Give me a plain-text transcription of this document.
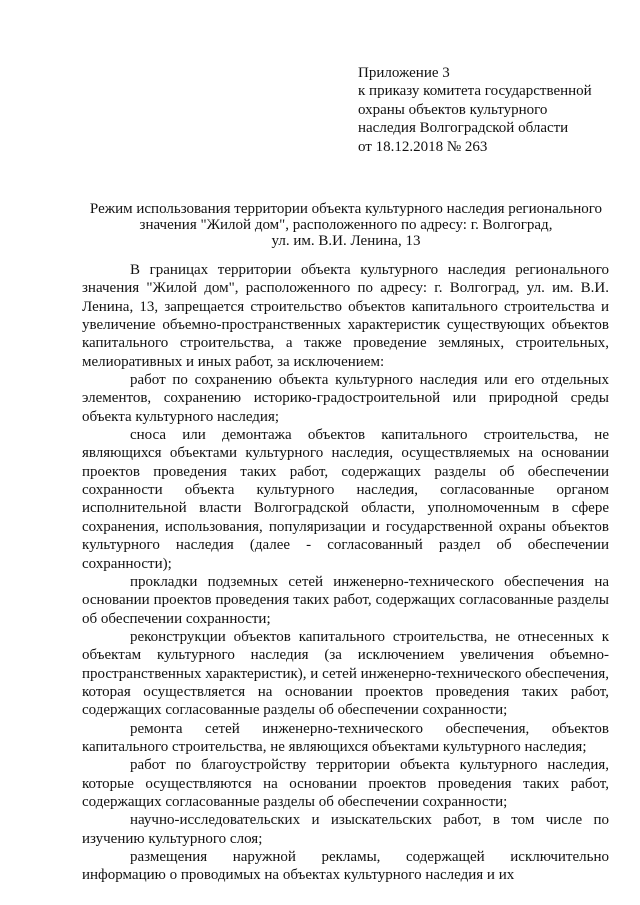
Приложение 3
к приказу комитета государственной
охраны объектов культурного
наследия Волгоградской области
от 18.12.2018 № 263
Режим использования территории объекта культурного наследия регионального
значения "Жилой дом", расположенного по адресу: г. Волгоград,
ул. им. В.И. Ленина, 13

В границах территории объекта культурного наследия регионального значения "Жилой дом", расположенного по адресу: г. Волгоград, ул. им. В.И. Ленина, 13, запрещается строительство объектов капитального строительства и увеличение объемно-пространственных характеристик существующих объектов капитального строительства, а также проведение земляных, строительных, мелиоративных и иных работ, за исключением:

работ по сохранению объекта культурного наследия или его отдельных элементов, сохранению историко-градостроительной или природной среды объекта культурного наследия;

сноса или демонтажа объектов капитального строительства, не являющихся объектами культурного наследия, осуществляемых на основании проектов проведения таких работ, содержащих разделы об обеспечении сохранности объекта культурного наследия, согласованные органом исполнительной власти Волгоградской области, уполномоченным в сфере сохранения, использования, популяризации и государственной охраны объектов культурного наследия (далее - согласованный раздел об обеспечении сохранности);

прокладки подземных сетей инженерно-технического обеспечения на основании проектов проведения таких работ, содержащих согласованные разделы об обеспечении сохранности;

реконструкции объектов капитального строительства, не отнесенных к объектам культурного наследия (за исключением увеличения объемно-пространственных характеристик), и сетей инженерно-технического обеспечения, которая осуществляется на основании проектов проведения таких работ, содержащих согласованные разделы об обеспечении сохранности;

ремонта сетей инженерно-технического обеспечения, объектов капитального строительства, не являющихся объектами культурного наследия;

работ по благоустройству территории объекта культурного наследия, которые осуществляются на основании проектов проведения таких работ, содержащих согласованные разделы об обеспечении сохранности;

научно-исследовательских и изыскательских работ, в том числе по изучению культурного слоя;

размещения наружной рекламы, содержащей исключительно информацию о проводимых на объектах культурного наследия и их
